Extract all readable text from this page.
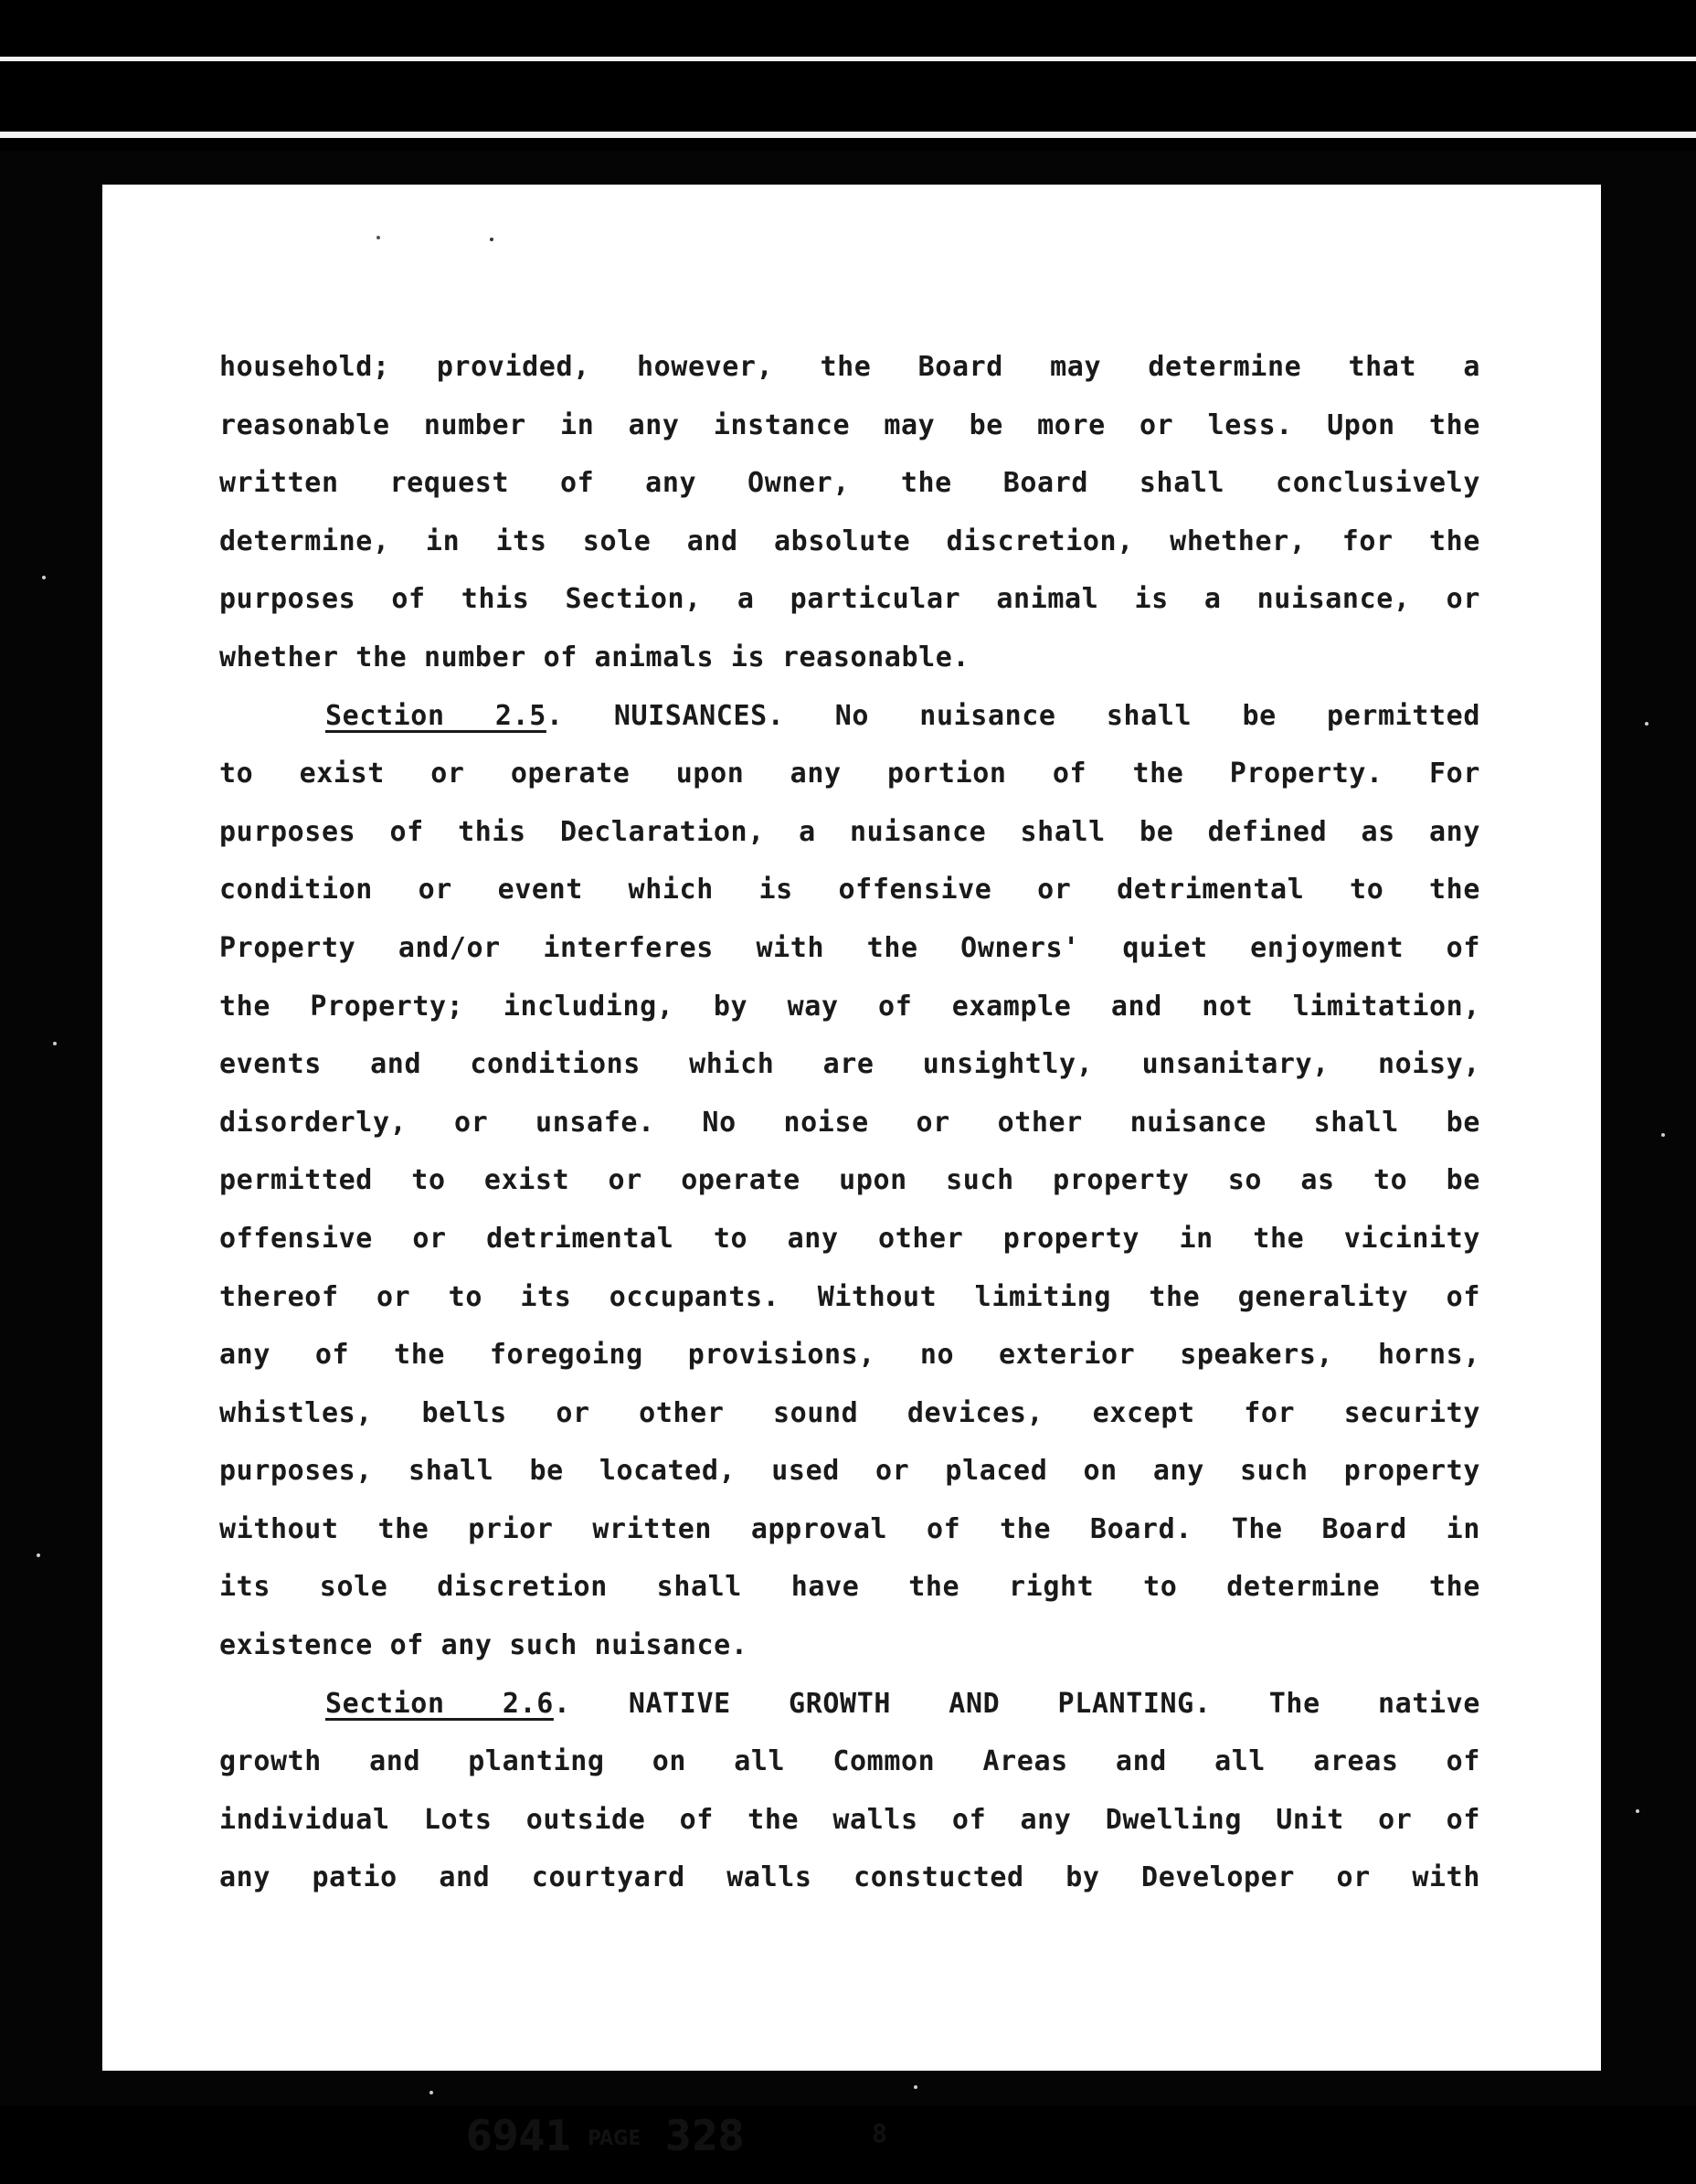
6941 PAGE 328	8
household; provided, however, the Board may determine that a
reasonable number in any instance may be more or less. Upon the
written request of any Owner, the Board shall conclusively
determine, in its sole and absolute discretion, whether, for the
purposes of this Section, a particular animal is a nuisance, or
whether the number of animals is reasonable.
Section 2.5. NUISANCES. No nuisance shall be permitted
to exist or operate upon any portion of the Property. For
purposes of this Declaration, a nuisance shall be defined as any
condition or event which is offensive or detrimental to the
Property and/or interferes with the Owners' quiet enjoyment of
the Property; including, by way of example and not limitation,
events and conditions which are unsightly, unsanitary, noisy,
disorderly, or unsafe. No noise or other nuisance shall be
permitted to exist or operate upon such property so as to be
offensive or detrimental to any other property in the vicinity
thereof or to its occupants. Without limiting the generality of
any of the foregoing provisions, no exterior speakers, horns,
whistles, bells or other sound devices, except for security
purposes, shall be located, used or placed on any such property
without the prior written approval of the Board. The Board in
its sole discretion shall have the right to determine the
existence of any such nuisance.
Section 2.6. NATIVE GROWTH AND PLANTING. The native
growth and planting on all Common Areas and all areas of
individual Lots outside of the walls of any Dwelling Unit or of
any patio and courtyard walls constucted by Developer or with
